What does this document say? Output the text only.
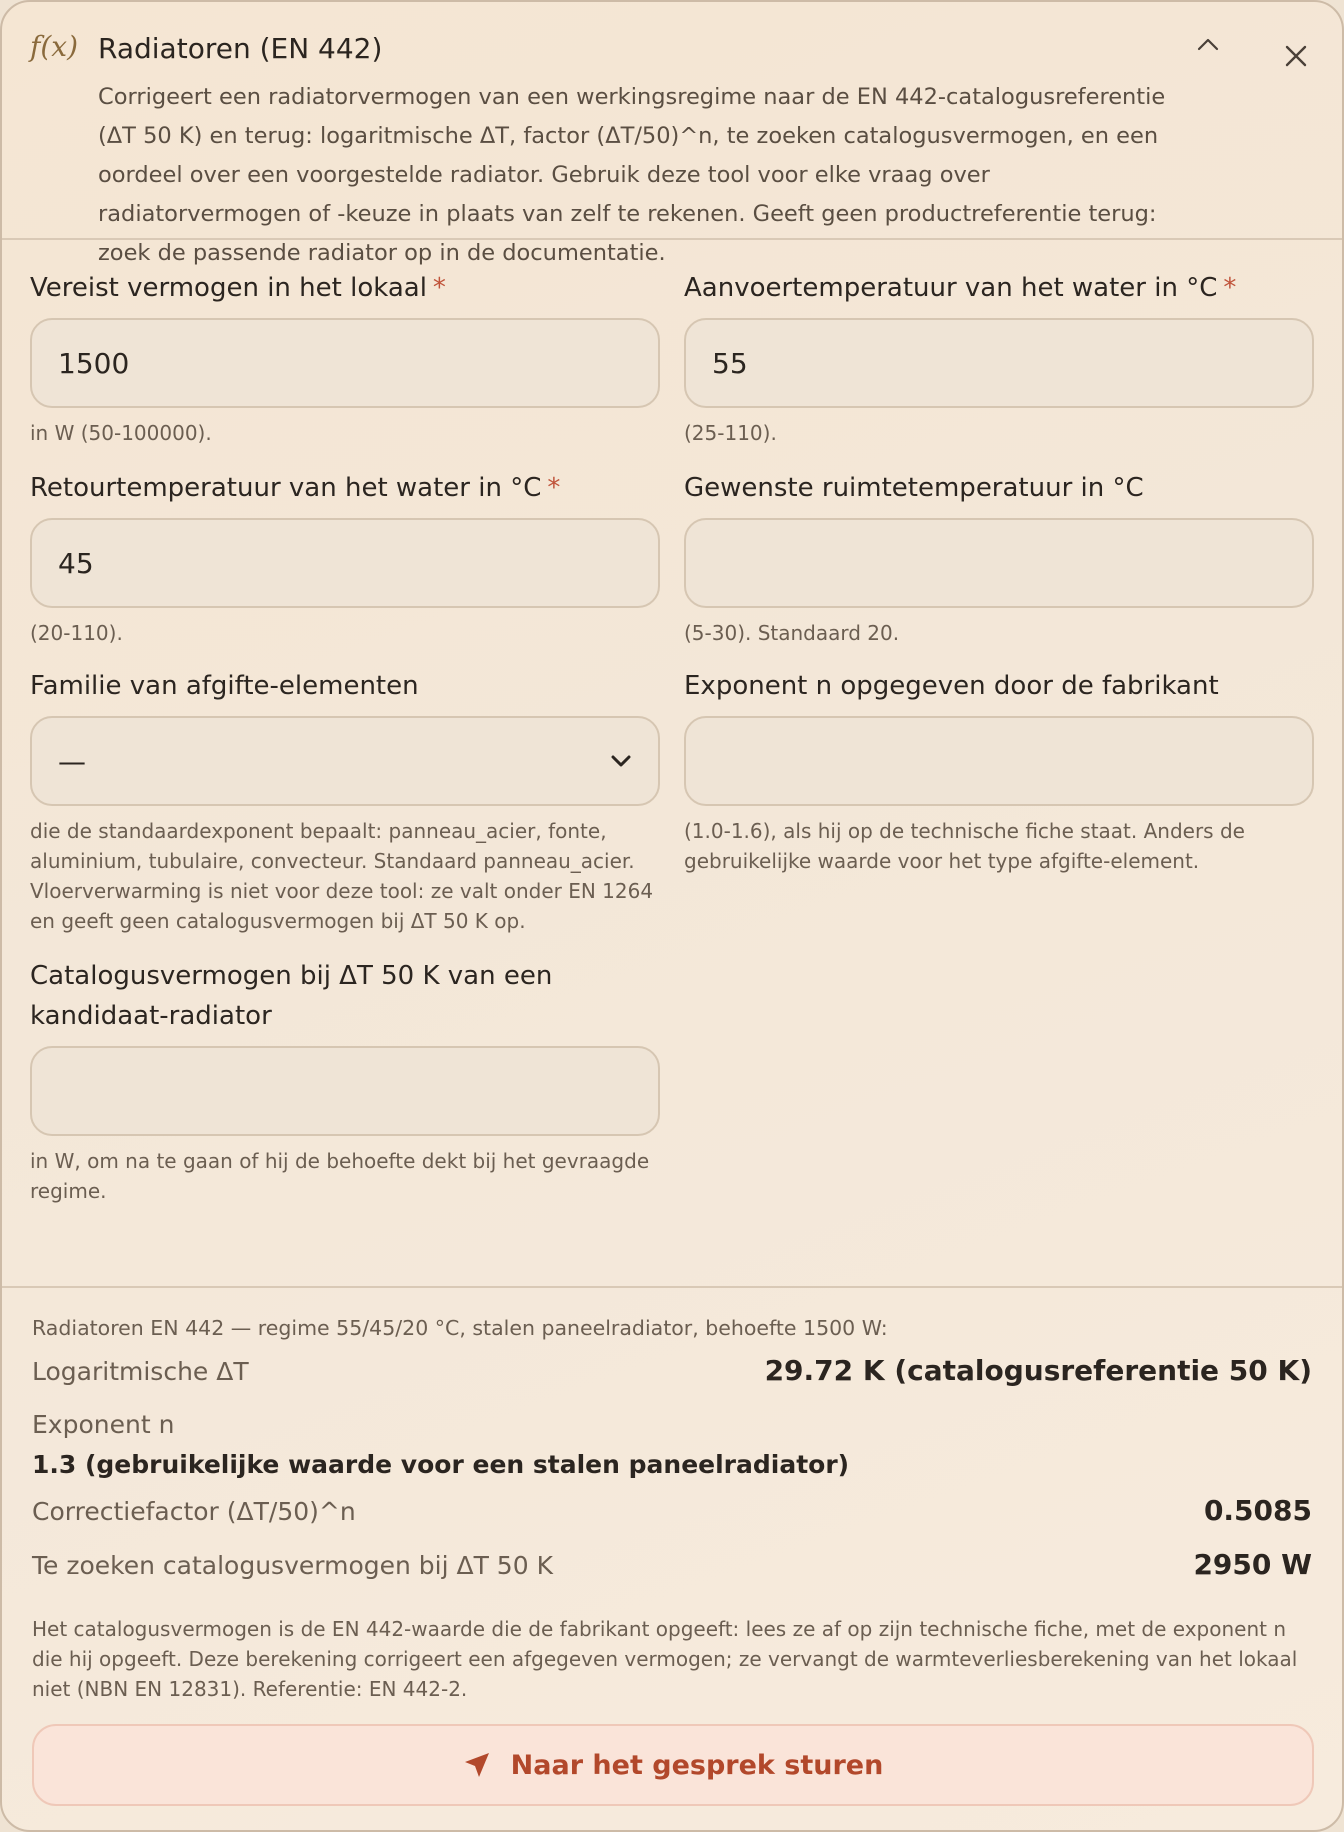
f(x) Radiatoren (EN 442)
Corrigeert een radiatorvermogen van een werkingsregime naar de EN 442-catalogusreferentie (ΔT 50 K) en terug: logaritmische ΔT, factor (ΔT/50)^n, te zoeken catalogusvermogen, en een oordeel over een voorgestelde radiator. Gebruik deze tool voor elke vraag over radiatorvermogen of -keuze in plaats van zelf te rekenen. Geeft geen productreferentie terug: zoek de passende radiator op in de documentatie.
Vereist vermogen in het lokaal *
1500
in W (50-100000).
Aanvoertemperatuur van het water in °C *
55
(25-110).
Retourtemperatuur van het water in °C *
45
(20-110).
Gewenste ruimtetemperatuur in °C
(5-30). Standaard 20.
Familie van afgifte-elementen
—
die de standaardexponent bepaalt: panneau_acier, fonte, aluminium, tubulaire, convecteur. Standaard panneau_acier. Vloerverwarming is niet voor deze tool: ze valt onder EN 1264 en geeft geen catalogusvermogen bij ΔT 50 K op.
Exponent n opgegeven door de fabrikant
(1.0-1.6), als hij op de technische fiche staat. Anders de gebruikelijke waarde voor het type afgifte-element.
Catalogusvermogen bij ΔT 50 K van een kandidaat-radiator
in W, om na te gaan of hij de behoefte dekt bij het gevraagde regime.
Radiatoren EN 442 — regime 55/45/20 °C, stalen paneelradiator, behoefte 1500 W:
Logaritmische ΔT	29.72 K (catalogusreferentie 50 K)
Exponent n
1.3 (gebruikelijke waarde voor een stalen paneelradiator)
Correctiefactor (ΔT/50)^n	0.5085
Te zoeken catalogusvermogen bij ΔT 50 K	2950 W
Het catalogusvermogen is de EN 442-waarde die de fabrikant opgeeft: lees ze af op zijn technische fiche, met de exponent n die hij opgeeft. Deze berekening corrigeert een afgegeven vermogen; ze vervangt de warmteverliesberekening van het lokaal niet (NBN EN 12831). Referentie: EN 442-2.
Naar het gesprek sturen
